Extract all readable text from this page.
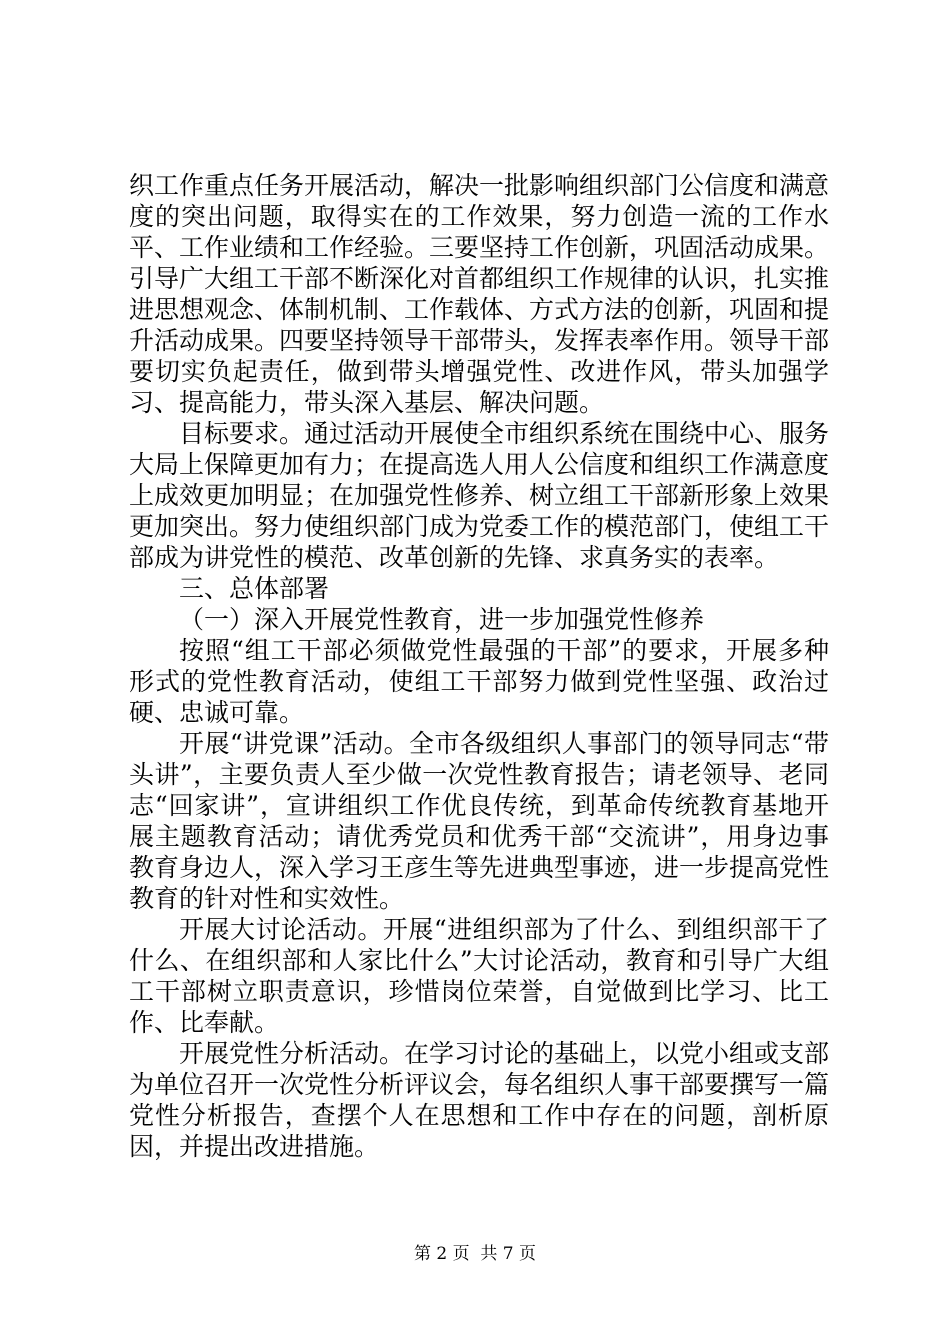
织工作重点任务开展活动，解决一批影响组织部门公信度和满意度的突出问题，取得实在的工作效果，努力创造一流的工作水平、工作业绩和工作经验。三要坚持工作创新，巩固活动成果。引导广大组工干部不断深化对首都组织工作规律的认识，扎实推进思想观念、体制机制、工作载体、方式方法的创新，巩固和提升活动成果。四要坚持领导干部带头，发挥表率作用。领导干部要切实负起责任，做到带头增强党性、改进作风，带头加强学习、提高能力，带头深入基层、解决问题。

目标要求。通过活动开展使全市组织系统在围绕中心、服务大局上保障更加有力；在提高选人用人公信度和组织工作满意度上成效更加明显；在加强党性修养、树立组工干部新形象上效果更加突出。努力使组织部门成为党委工作的模范部门，使组工干部成为讲党性的模范、改革创新的先锋、求真务实的表率。

三、总体部署

（一）深入开展党性教育，进一步加强党性修养

按照“组工干部必须做党性最强的干部”的要求，开展多种形式的党性教育活动，使组工干部努力做到党性坚强、政治过硬、忠诚可靠。

开展“讲党课”活动。全市各级组织人事部门的领导同志“带头讲”，主要负责人至少做一次党性教育报告；请老领导、老同志“回家讲”，宣讲组织工作优良传统，到革命传统教育基地开展主题教育活动；请优秀党员和优秀干部“交流讲”，用身边事教育身边人，深入学习王彦生等先进典型事迹，进一步提高党性教育的针对性和实效性。

开展大讨论活动。开展“进组织部为了什么、到组织部干了什么、在组织部和人家比什么”大讨论活动，教育和引导广大组工干部树立职责意识，珍惜岗位荣誉，自觉做到比学习、比工作、比奉献。

开展党性分析活动。在学习讨论的基础上，以党小组或支部为单位召开一次党性分析评议会，每名组织人事干部要撰写一篇党性分析报告，查摆个人在思想和工作中存在的问题，剖析原因，并提出改进措施。

第 2 页  共 7 页
